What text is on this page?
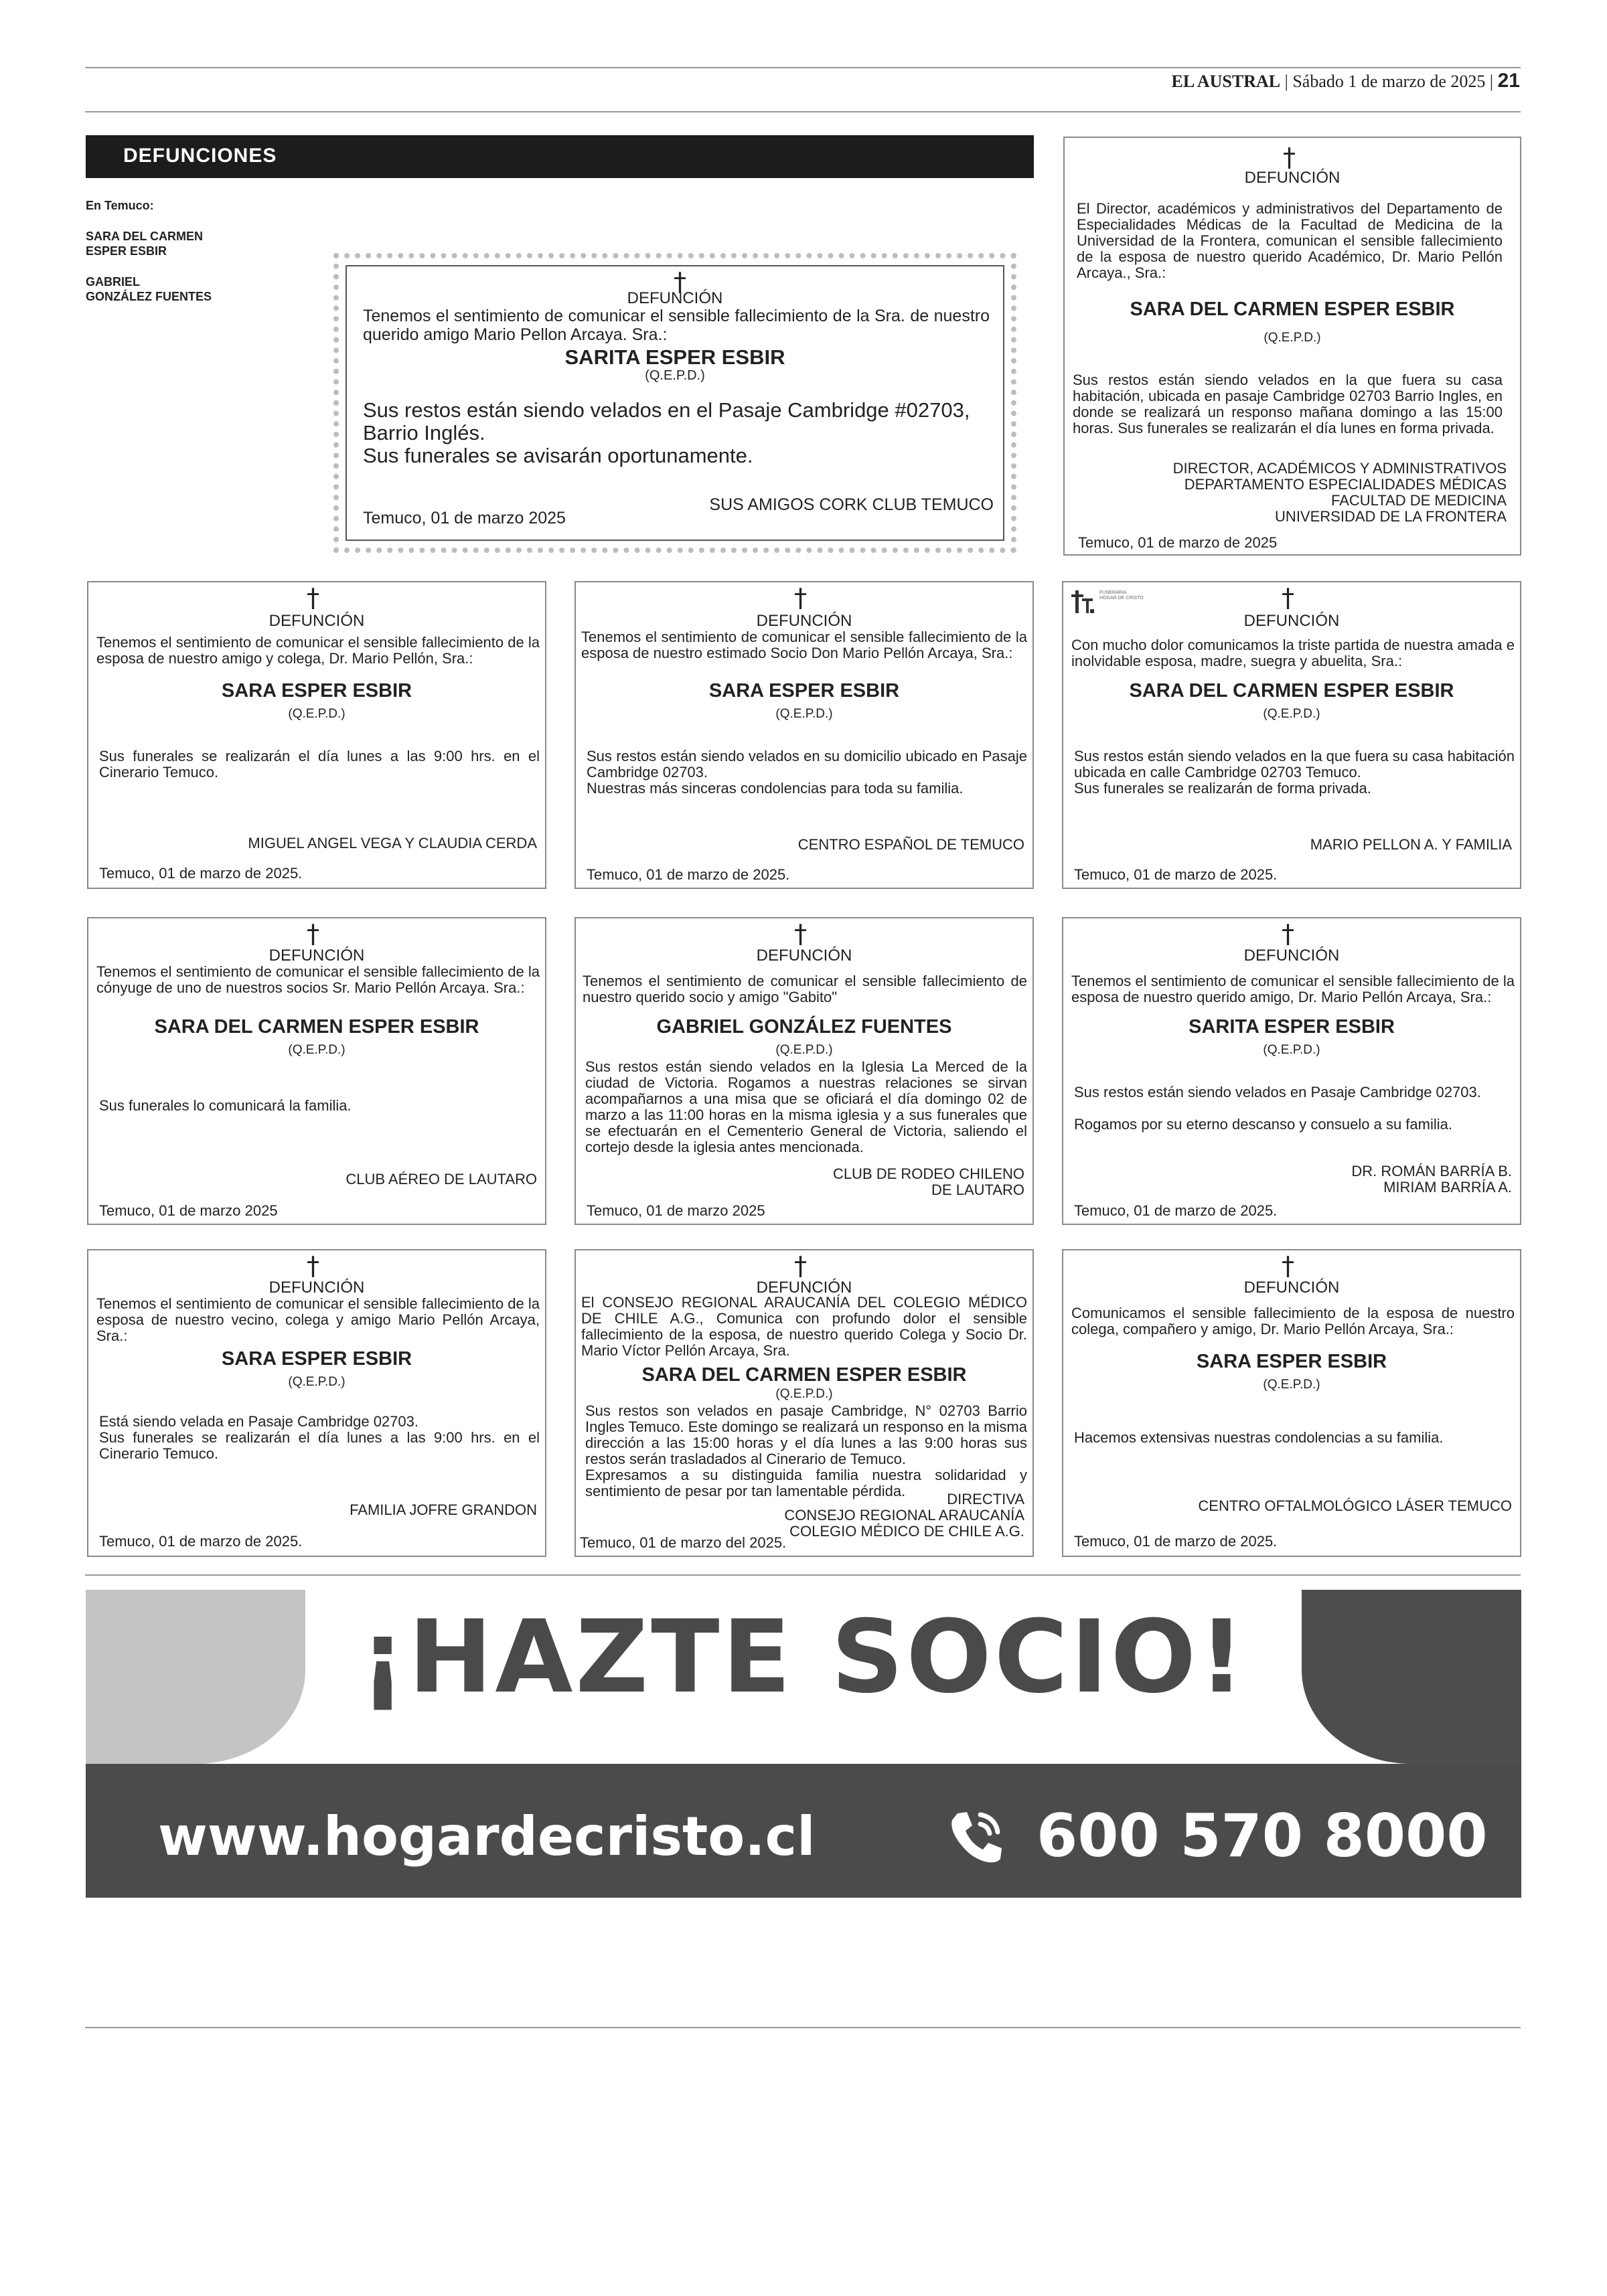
EL AUSTRAL | Sábado 1 de marzo de 2025 | 21
DEFUNCIONES
En Temuco:
SARA DEL CARMEN
ESPER ESBIR
GABRIEL
GONZÁLEZ FUENTES	†
DEFUNCIÓN
Tenemos el sentimiento de comunicar el sensible fallecimiento de la Sra. de nuestro querido amigo Mario Pellon Arcaya. Sra.:
SARITA ESPER ESBIR
(Q.E.P.D.)
Sus restos están siendo velados en el Pasaje Cambridge #02703, Barrio Inglés.
Sus funerales se avisarán oportunamente.
Temuco, 01 de marzo 2025
SUS AMIGOS CORK CLUB TEMUCO
†
DEFUNCIÓN
El Director, académicos y administrativos del Departamento de Especialidades Médicas de la Facultad de Medicina de la Universidad de la Frontera, comunican el sensible fallecimiento de la esposa de nuestro querido Académico, Dr. Mario Pellón Arcaya., Sra.:
SARA DEL CARMEN ESPER ESBIR
(Q.E.P.D.)
Sus restos están siendo velados en la que fuera su casa habitación, ubicada en pasaje Cambridge 02703 Barrio Ingles, en donde se realizará un responso mañana domingo a las 15:00 horas. Sus funerales se realizarán el día lunes en forma privada.
DIRECTOR, ACADÉMICOS Y ADMINISTRATIVOS
DEPARTAMENTO ESPECIALIDADES MÉDICAS
FACULTAD DE MEDICINA
UNIVERSIDAD DE LA FRONTERA
Temuco, 01 de marzo de 2025
†
DEFUNCIÓN
Tenemos el sentimiento de comunicar el sensible fallecimiento de la esposa de nuestro amigo y colega, Dr. Mario Pellón, Sra.:
SARA ESPER ESBIR
(Q.E.P.D.)
Sus funerales se realizarán el día lunes a las 9:00 hrs. en el Cinerario Temuco.
MIGUEL ANGEL VEGA Y CLAUDIA CERDA
Temuco, 01 de marzo de 2025.
†
DEFUNCIÓN
Tenemos el sentimiento de comunicar el sensible fallecimiento de la esposa de nuestro estimado Socio Don Mario Pellón Arcaya, Sra.:
SARA ESPER ESBIR
(Q.E.P.D.)
Sus restos están siendo velados en su domicilio ubicado en Pasaje Cambridge 02703.
Nuestras más sinceras condolencias para toda su familia.
CENTRO ESPAÑOL DE TEMUCO
Temuco, 01 de marzo de 2025.
FUNERARIA HOGAR DE CRISTO	†
DEFUNCIÓN
Con mucho dolor comunicamos la triste partida de nuestra amada e inolvidable esposa, madre, suegra y abuelita, Sra.:
SARA DEL CARMEN ESPER ESBIR
(Q.E.P.D.)
Sus restos están siendo velados en la que fuera su casa habitación ubicada en calle Cambridge 02703 Temuco.
Sus funerales se realizarán de forma privada.
MARIO PELLON A. Y FAMILIA
Temuco, 01 de marzo de 2025.
†
DEFUNCIÓN
Tenemos el sentimiento de comunicar el sensible fallecimiento de la cónyuge de uno de nuestros socios Sr. Mario Pellón Arcaya. Sra.:
SARA DEL CARMEN ESPER ESBIR
(Q.E.P.D.)
Sus funerales lo comunicará la familia.
CLUB AÉREO DE LAUTARO
Temuco, 01 de marzo 2025
†
DEFUNCIÓN
Tenemos el sentimiento de comunicar el sensible fallecimiento de nuestro querido socio y amigo "Gabito"
GABRIEL GONZÁLEZ FUENTES
(Q.E.P.D.)
Sus restos están siendo velados en la Iglesia La Merced de la ciudad de Victoria. Rogamos a nuestras relaciones se sirvan acompañarnos a una misa que se oficiará el día domingo 02 de marzo a las 11:00 horas en la misma iglesia y a sus funerales que se efectuarán en el Cementerio General de Victoria, saliendo el cortejo desde la iglesia antes mencionada.
CLUB DE RODEO CHILENO
DE LAUTARO
Temuco, 01 de marzo 2025
†
DEFUNCIÓN
Tenemos el sentimiento de comunicar el sensible fallecimiento de la esposa de nuestro querido amigo, Dr. Mario Pellón Arcaya, Sra.:
SARITA ESPER ESBIR
(Q.E.P.D.)
Sus restos están siendo velados en Pasaje Cambridge 02703.

Rogamos por su eterno descanso y consuelo a su familia.
DR. ROMÁN BARRÍA B.
MIRIAM BARRÍA A.
Temuco, 01 de marzo de 2025.
†
DEFUNCIÓN
Tenemos el sentimiento de comunicar el sensible fallecimiento de la esposa de nuestro vecino, colega y amigo Mario Pellón Arcaya, Sra.:
SARA ESPER ESBIR
(Q.E.P.D.)
Está siendo velada en Pasaje Cambridge 02703.
Sus funerales se realizarán el día lunes a las 9:00 hrs. en el Cinerario Temuco.
FAMILIA JOFRE GRANDON
Temuco, 01 de marzo de 2025.
†
DEFUNCIÓN
El CONSEJO REGIONAL ARAUCANÍA DEL COLEGIO MÉDICO DE CHILE A.G., Comunica con profundo dolor el sensible fallecimiento de la esposa, de nuestro querido Colega y Socio Dr. Mario Víctor Pellón Arcaya, Sra.
SARA DEL CARMEN ESPER ESBIR
(Q.E.P.D.)
Sus restos son velados en pasaje Cambridge, N° 02703 Barrio Ingles Temuco. Este domingo se realizará un responso en la misma dirección a las 15:00 horas y el día lunes a las 9:00 horas sus restos serán trasladados al Cinerario de Temuco.
Expresamos a su distinguida familia nuestra solidaridad y sentimiento de pesar por tan lamentable pérdida.	DIRECTIVA
CONSEJO REGIONAL ARAUCANÍA
COLEGIO MÉDICO DE CHILE A.G.
Temuco, 01 de marzo del 2025.
†
DEFUNCIÓN
Comunicamos el sensible fallecimiento de la esposa de nuestro colega, compañero y amigo, Dr. Mario Pellón Arcaya, Sra.:
SARA ESPER ESBIR
(Q.E.P.D.)
Hacemos extensivas nuestras condolencias a su familia.
CENTRO OFTALMOLÓGICO LÁSER TEMUCO
Temuco, 01 de marzo de 2025.
¡HAZTE SOCIO!
www.hogardecristo.cl	600 570 8000
